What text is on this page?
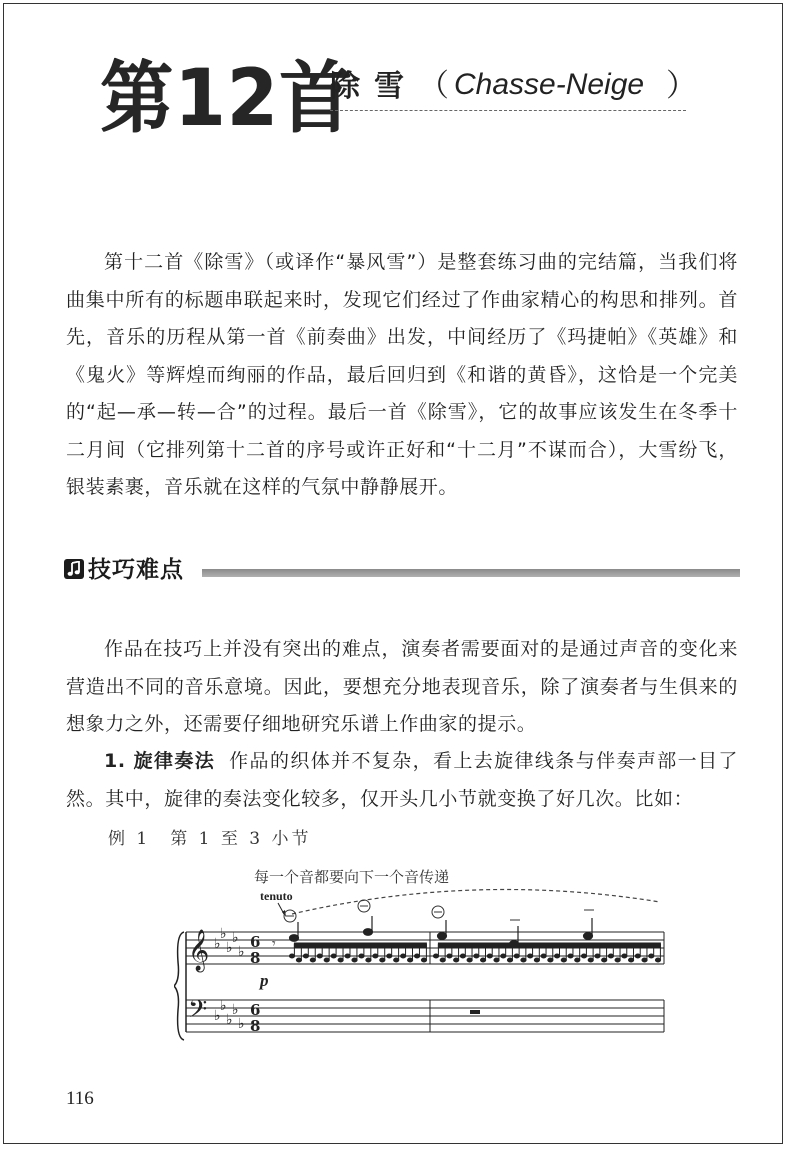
第12首
除雪 （ Chasse-Neige ）

第十二首《除雪》（或译作“暴风雪”）是整套练习曲的完结篇，当我们将曲集中所有的标题串联起来时，发现它们经过了作曲家精心的构思和排列。首先，音乐的历程从第一首《前奏曲》出发，中间经历了《玛捷帕》《英雄》和《鬼火》等辉煌而绚丽的作品，最后回归到《和谐的黄昏》，这恰是一个完美的“起—承—转—合”的过程。最后一首《除雪》，它的故事应该发生在冬季十二月间（它排列第十二首的序号或许正好和“十二月”不谋而合），大雪纷飞，银装素裹，音乐就在这样的气氛中静静展开。

技巧难点

作品在技巧上并没有突出的难点，演奏者需要面对的是通过声音的变化来营造出不同的音乐意境。因此，要想充分地表现音乐，除了演奏者与生俱来的想象力之外，还需要仔细地研究乐谱上作曲家的提示。

1. 旋律奏法 作品的织体并不复杂，看上去旋律线条与伴奏声部一目了然。其中，旋律的奏法变化较多，仅开头几小节就变换了好几次。比如：

例 1 第 1 至 3 小节
每一个音都要向下一个音传递
tenuto
𝄞
𝄢
♭
♭
♭
♭
♭
♭
♭
♭
♭
♭
6
8
6
8
𝄾
p
116
